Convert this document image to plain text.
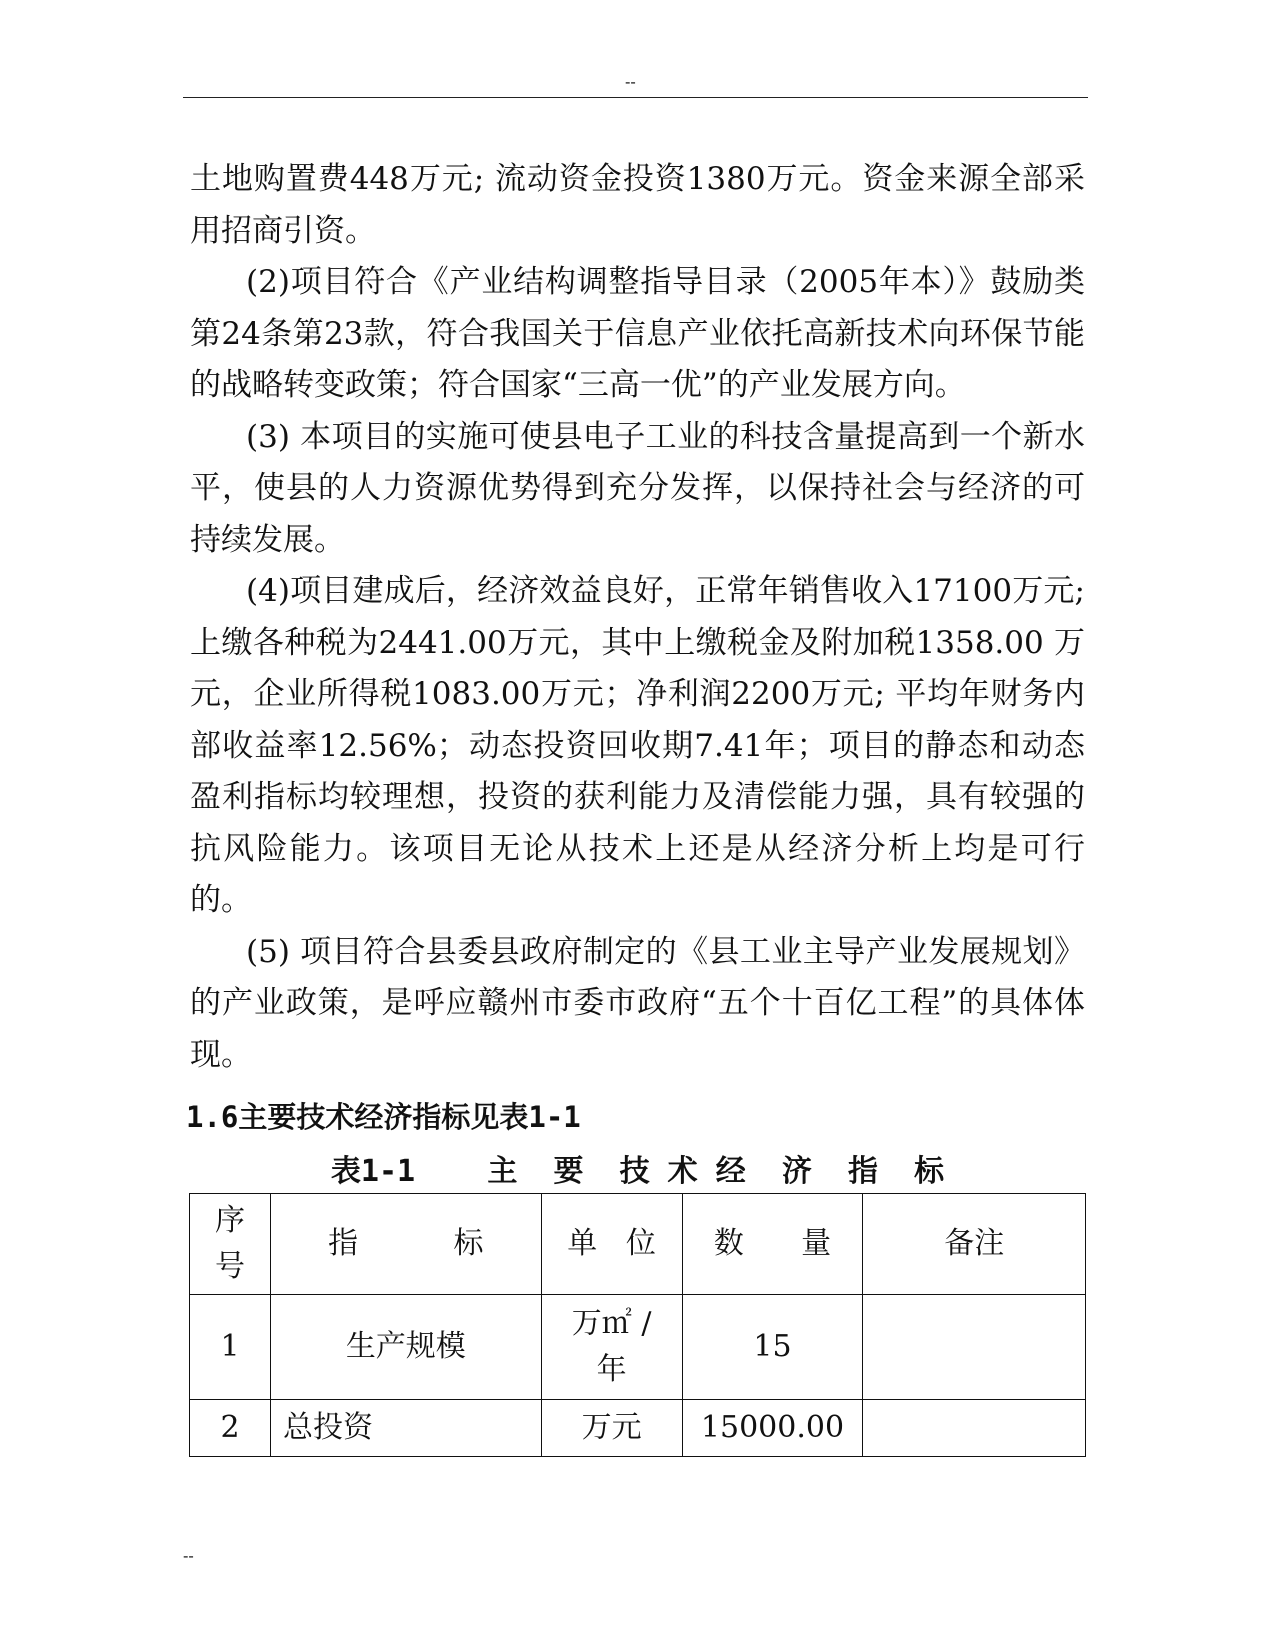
--

土地购置费448万元; 流动资金投资1380万元。资金来源全部采用招商引资。

(2)项目符合《产业结构调整指导目录（2005年本）》鼓励类第24条第23款，符合我国关于信息产业依托高新技术向环保节能的战略转变政策；符合国家“三高一优”的产业发展方向。

(3) 本项目的实施可使县电子工业的科技含量提高到一个新水平，使县的人力资源优势得到充分发挥，以保持社会与经济的可持续发展。

(4)项目建成后，经济效益良好，正常年销售收入17100万元; 上缴各种税为2441.00万元，其中上缴税金及附加税1358.00 万元，企业所得税1083.00万元；净利润2200万元; 平均年财务内部收益率12.56%；动态投资回收期7.41年；项目的静态和动态盈利指标均较理想，投资的获利能力及清偿能力强，具有较强的抗风险能力。该项目无论从技术上还是从经济分析上均是可行的。

(5) 项目符合县委县政府制定的《县工业主导产业发展规划》的产业政策，是呼应赣州市委市政府“五个十百亿工程”的具体体现。

1.6主要技术经济指标见表1-1
表1-1    主  要  技 术 经  济  指  标
序号	指          标	单   位	数      量	备注
1	生产规模	万㎡ / 年	15	
2	总投资	万元	15000.00	
--
